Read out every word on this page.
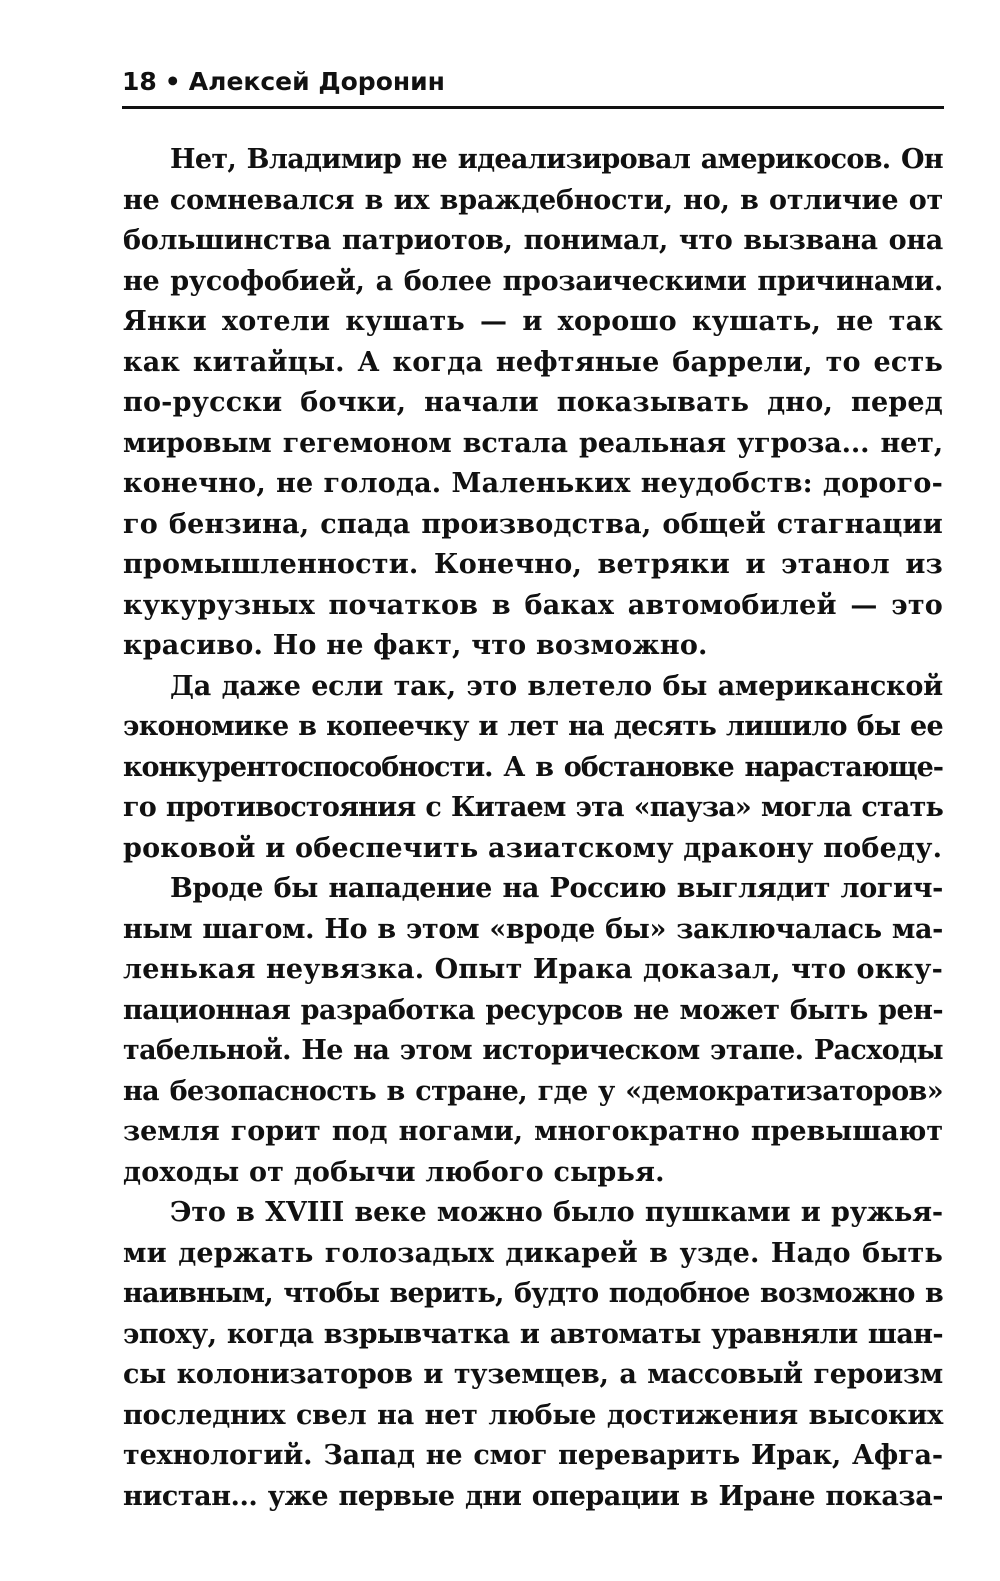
18 • Алексей Доронин
Нет, Владимир не идеализировал америкосов. Он
не сомневался в их враждебности, но, в отличие от
большинства патриотов, понимал, что вызвана она
не русофобией, а более прозаическими причинами.
Янки хотели кушать — и хорошо кушать, не так
как китайцы. А когда нефтяные баррели, то есть
по-русски бочки, начали показывать дно, перед
мировым гегемоном встала реальная угроза... нет,
конечно, не голода. Маленьких неудобств: дорого-
го бензина, спада производства, общей стагнации
промышленности. Конечно, ветряки и этанол из
кукурузных початков в баках автомобилей — это
красиво. Но не факт, что возможно.
Да даже если так, это влетело бы американской
экономике в копеечку и лет на десять лишило бы ее
конкурентоспособности. А в обстановке нарастающе-
го противостояния с Китаем эта «пауза» могла стать
роковой и обеспечить азиатскому дракону победу.
Вроде бы нападение на Россию выглядит логич-
ным шагом. Но в этом «вроде бы» заключалась ма-
ленькая неувязка. Опыт Ирака доказал, что окку-
пационная разработка ресурсов не может быть рен-
табельной. Не на этом историческом этапе. Расходы
на безопасность в стране, где у «демократизаторов»
земля горит под ногами, многократно превышают
доходы от добычи любого сырья.
Это в XVIII веке можно было пушками и ружья-
ми держать голозадых дикарей в узде. Надо быть
наивным, чтобы верить, будто подобное возможно в
эпоху, когда взрывчатка и автоматы уравняли шан-
сы колонизаторов и туземцев, а массовый героизм
последних свел на нет любые достижения высоких
технологий. Запад не смог переварить Ирак, Афга-
нистан... уже первые дни операции в Иране показа-
